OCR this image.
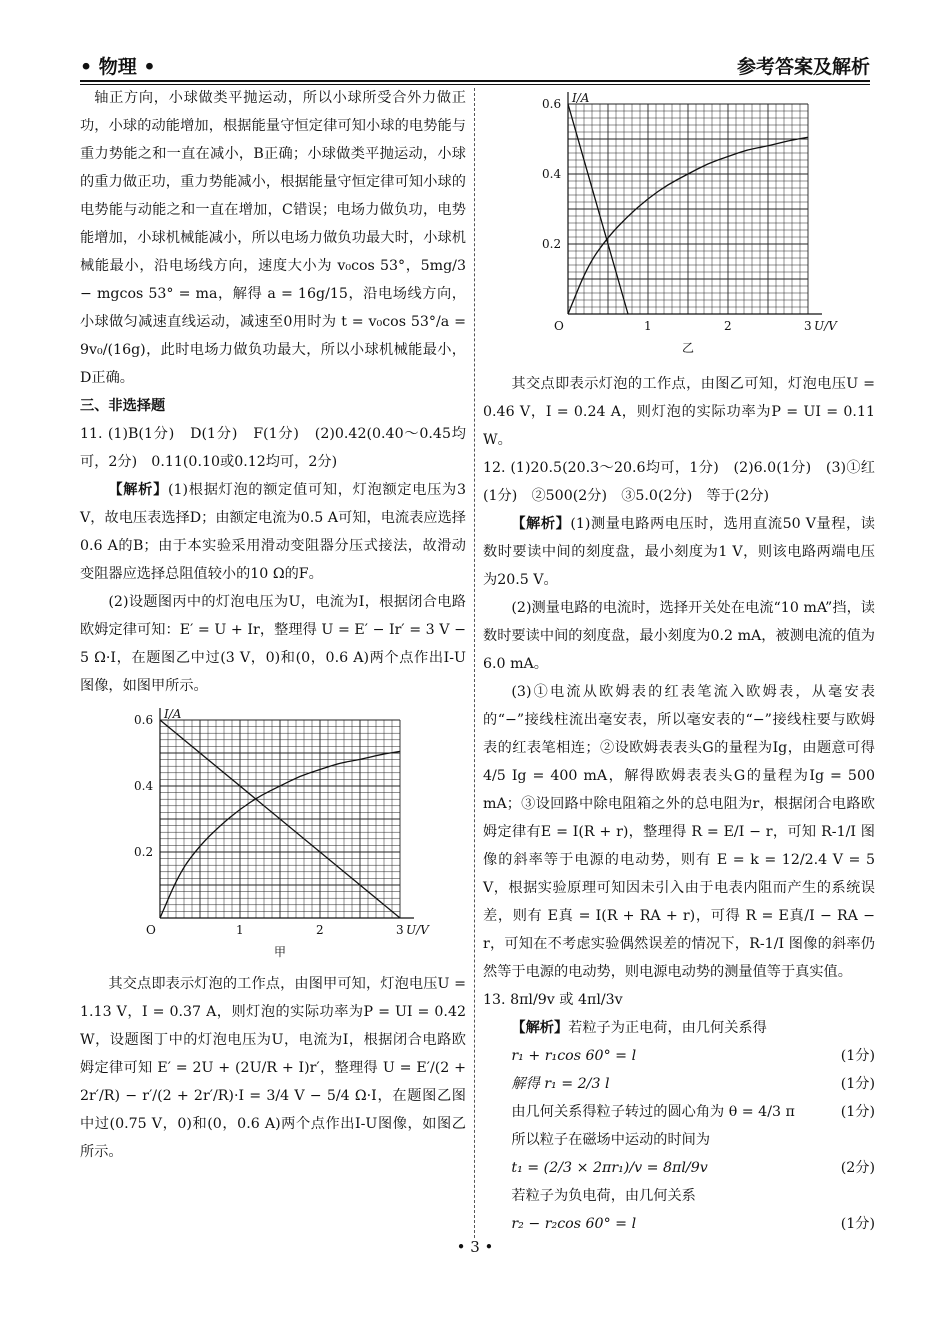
• 物理 •	参考答案及解析

轴正方向，小球做类平抛运动，所以小球所受合外力做正功，小球的动能增加，根据能量守恒定律可知小球的电势能与重力势能之和一直在减小，B正确；小球做类平抛运动，小球的重力做正功，重力势能减小，根据能量守恒定律可知小球的电势能与动能之和一直在增加，C错误；电场力做负功，电势能增加，小球机械能减小，所以电场力做负功最大时，小球机械能最小，沿电场线方向，速度大小为 v₀cos 53°，5mg/3 − mgcos 53° = ma，解得 a = 16g/15，沿电场线方向，小球做匀减速直线运动，减速至0用时为 t = v₀cos 53°/a = 9v₀/(16g)，此时电场力做负功最大，所以小球机械能最小，D正确。

三、非选择题

11. (1)B(1分)　D(1分)　F(1分)　(2)0.42(0.40～0.45均可，2分)　0.11(0.10或0.12均可，2分)

【解析】(1)根据灯泡的额定值可知，灯泡额定电压为3 V，故电压表选择D；由额定电流为0.5 A可知，电流表应选择0.6 A的B；由于本实验采用滑动变阻器分压式接法，故滑动变阻器应选择总阻值较小的10 Ω的F。

(2)设题图丙中的灯泡电压为U，电流为I，根据闭合电路欧姆定律可知：E′ = U + Ir，整理得 U = E′ − Ir′ = 3 V − 5 Ω·I，在题图乙中过(3 V，0)和(0，0.6 A)两个点作出I-U图像，如图甲所示。

其交点即表示灯泡的工作点，由图甲可知，灯泡电压U = 1.13 V，I = 0.37 A，则灯泡的实际功率为P = UI = 0.42 W，设题图丁中的灯泡电压为U，电流为I，根据闭合电路欧姆定律可知 E′ = 2U + (2U/R + I)r′，整理得 U = E′/(2 + 2r′/R) − r′/(2 + 2r′/R)·I = 3/4 V − 5/4 Ω·I，在题图乙图中过(0.75 V，0)和(0，0.6 A)两个点作出I-U图像，如图乙所示。

其交点即表示灯泡的工作点，由图乙可知，灯泡电压U = 0.46 V，I = 0.24 A，则灯泡的实际功率为P = UI = 0.11 W。

12. (1)20.5(20.3～20.6均可，1分)　(2)6.0(1分)　(3)①红(1分)　②500(2分)　③5.0(2分)　等于(2分)

【解析】(1)测量电路两电压时，选用直流50 V量程，读数时要读中间的刻度盘，最小刻度为1 V，则该电路两端电压为20.5 V。

(2)测量电路的电流时，选择开关处在电流“10 mA”挡，读数时要读中间的刻度盘，最小刻度为0.2 mA，被测电流的值为6.0 mA。

(3)①电流从欧姆表的红表笔流入欧姆表，从毫安表的“−”接线柱流出毫安表，所以毫安表的“−”接线柱要与欧姆表的红表笔相连；②设欧姆表表头G的量程为Ig，由题意可得 4/5 Ig = 400 mA，解得欧姆表表头G的量程为Ig = 500 mA；③设回路中除电阻箱之外的总电阻为r，根据闭合电路欧姆定律有E = I(R + r)，整理得 R = E/I − r，可知 R-1/I 图像的斜率等于电源的电动势，则有 E = k = 12/2.4 V = 5 V，根据实验原理可知因未引入由于电表内阻而产生的系统误差，则有 E真 = I(R + RA + r)，可得 R = E真/I − RA − r，可知在不考虑实验偶然误差的情况下，R-1/I 图像的斜率仍然等于电源的电动势，则电源电动势的测量值等于真实值。

13. 8πl/9v 或 4πl/3v

【解析】若粒子为正电荷，由几何关系得

r₁ + r₁cos 60° = l	(1分)

解得 r₁ = 2/3 l	(1分)

由几何关系得粒子转过的圆心角为 θ = 4/3 π	(1分)

所以粒子在磁场中运动的时间为

t₁ = (2/3 × 2πr₁)/v = 8πl/9v	(2分)

若粒子为负电荷，由几何关系

r₂ − r₂cos 60° = l	(1分)

O	1	2	3
0.2
0.4
0.6
U/V
I/A
乙
O	1	2	3
0.2
0.4
0.6
U/V
I/A
甲
• 3 •
